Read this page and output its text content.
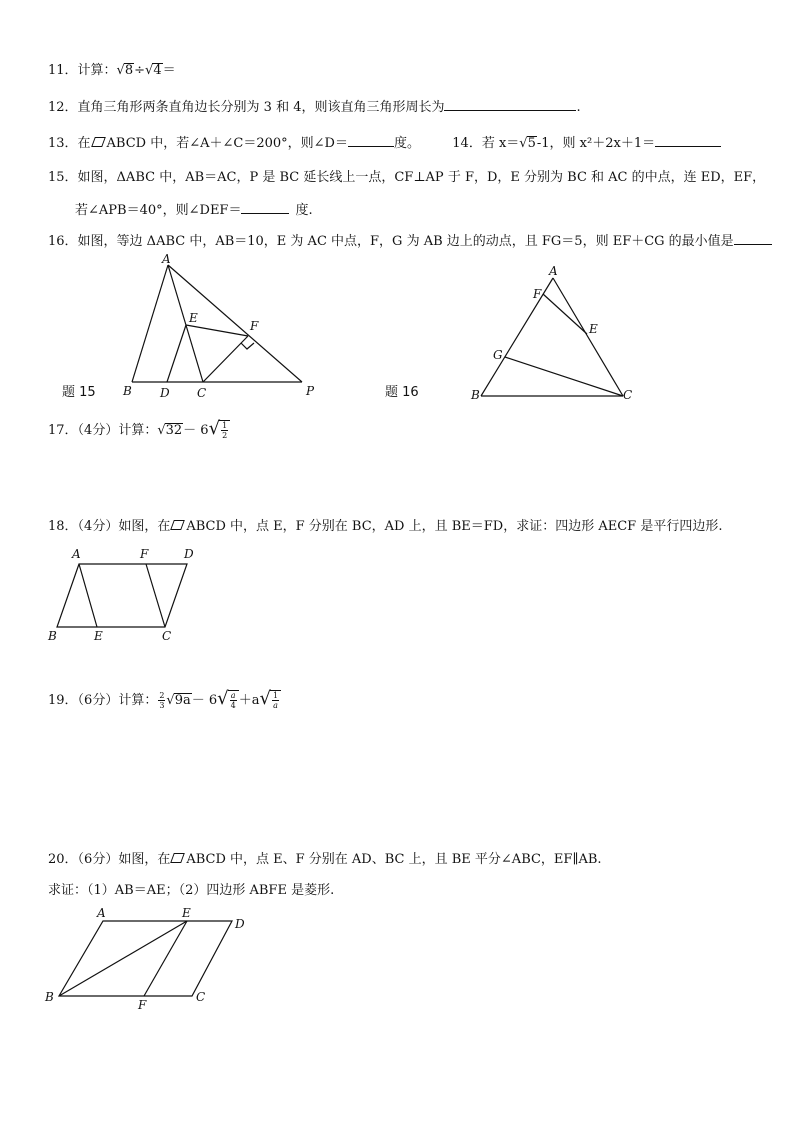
11．计算：√8÷√4＝
12．直角三角形两条直角边长分别为 3 和 4，则该直角三角形周长为	.
13．在 ABCD 中，若∠A＋∠C＝200°，则∠D＝	度。 14．若 x＝√5-1，则 x²＋2x＋1＝
15．如图，ΔABC 中，AB＝AC，P 是 BC 延长线上一点，CF⊥AP 于 F，D，E 分别为 BC 和 AC 的中点，连 ED，EF，
若∠APB＝40°，则∠DEF＝	度.
16．如图，等边 ΔABC 中，AB＝10，E 为 AC 中点，F，G 为 AB 边上的动点，且 FG＝5，则 EF＋CG 的最小值是
A
B D C
E
F
P
题 15
A
F
E
G
B	C
题 16
17．（4分）计算：$√32- 6√ \frac{1}{2}$
18．（4分）如图，在 ABCD 中，点 E，F 分别在 BC，AD 上，且 BE＝FD，求证：四边形 AECF 是平行四边形.
A	F	D
B	E	C
19．（6分）计算： $\frac{2}{3} √9a- 6√ \frac{a}{4} +a√ \frac{1}{a}$
20．（6分）如图，在 ABCD 中，点 E、F 分别在 AD、BC 上，且 BE 平分∠ABC，EF∥AB.
求证：（1）AB＝AE；（2）四边形 ABFE 是菱形.
A	E
D
B
F
C
